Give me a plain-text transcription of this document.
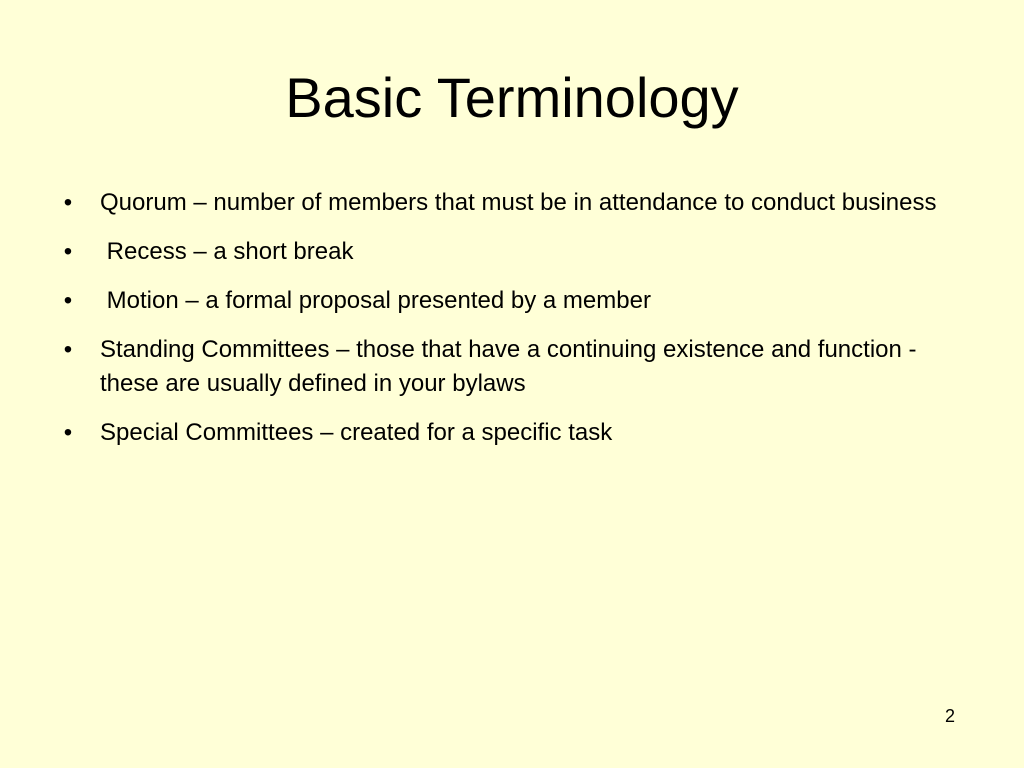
Basic Terminology
• Quorum – number of members that must be in attendance to conduct business
• Recess – a short break
• Motion – a formal proposal presented by a member
• Standing Committees – those that have a continuing existence and function - these are usually defined in your bylaws
• Special Committees – created for a specific task
2
